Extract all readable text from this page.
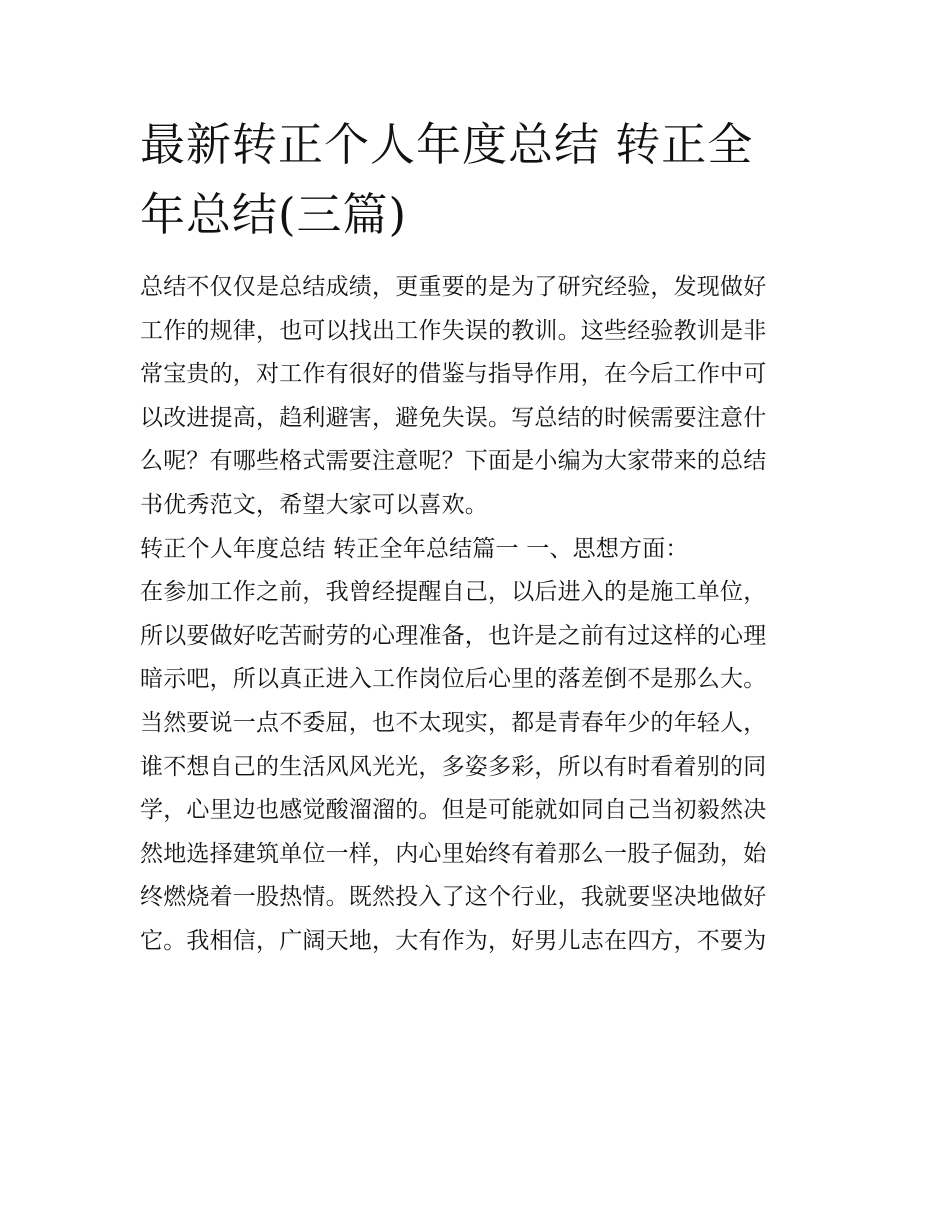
最新转正个人年度总结 转正全
年总结(三篇)
总结不仅仅是总结成绩，更重要的是为了研究经验，发现做好
工作的规律，也可以找出工作失误的教训。这些经验教训是非
常宝贵的，对工作有很好的借鉴与指导作用，在今后工作中可
以改进提高，趋利避害，避免失误。写总结的时候需要注意什
么呢？有哪些格式需要注意呢？下面是小编为大家带来的总结
书优秀范文，希望大家可以喜欢。
转正个人年度总结 转正全年总结篇一 一、思想方面：
在参加工作之前，我曾经提醒自己，以后进入的是施工单位，
所以要做好吃苦耐劳的心理准备，也许是之前有过这样的心理
暗示吧，所以真正进入工作岗位后心里的落差倒不是那么大。
当然要说一点不委屈，也不太现实，都是青春年少的年轻人，
谁不想自己的生活风风光光，多姿多彩，所以有时看着别的同
学，心里边也感觉酸溜溜的。但是可能就如同自己当初毅然决
然地选择建筑单位一样，内心里始终有着那么一股子倔劲，始
终燃烧着一股热情。既然投入了这个行业，我就要坚决地做好
它。我相信，广阔天地，大有作为，好男儿志在四方，不要为
